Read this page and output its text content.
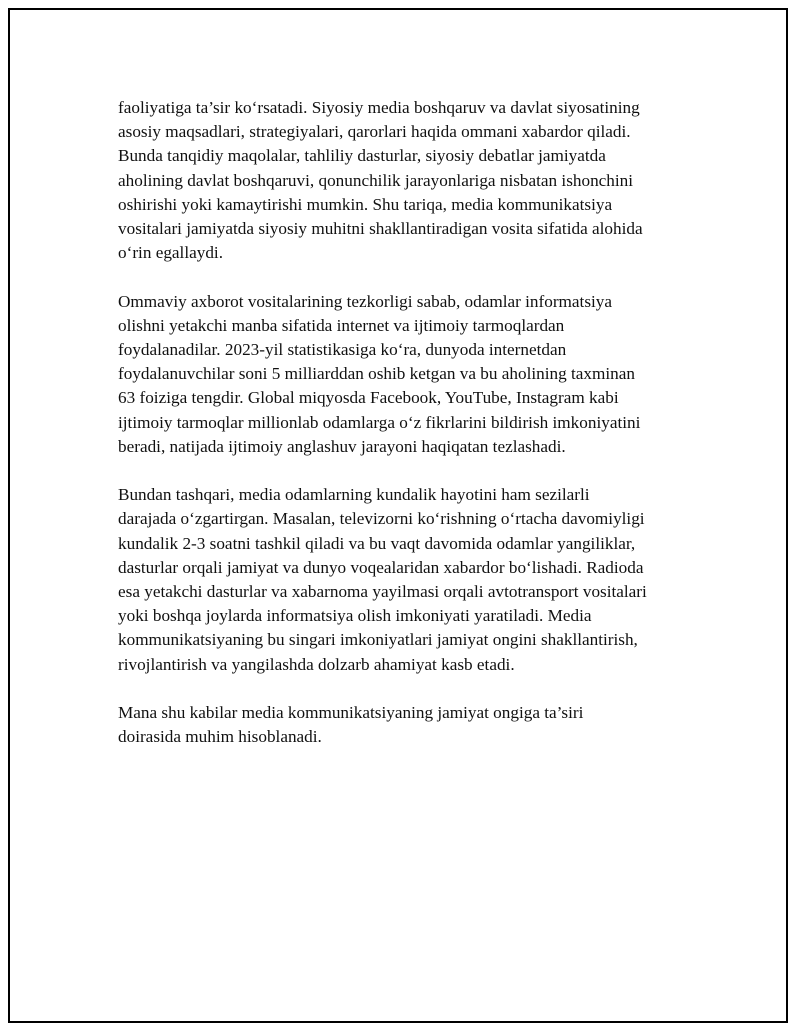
faoliyatiga ta’sir ko‘rsatadi. Siyosiy media boshqaruv va davlat siyosatining
asosiy maqsadlari, strategiyalari, qarorlari haqida ommani xabardor qiladi.
Bunda tanqidiy maqolalar, tahliliy dasturlar, siyosiy debatlar jamiyatda
aholining davlat boshqaruvi, qonunchilik jarayonlariga nisbatan ishonchini
oshirishi yoki kamaytirishi mumkin. Shu tariqa, media kommunikatsiya
vositalari jamiyatda siyosiy muhitni shakllantiradigan vosita sifatida alohida
o‘rin egallaydi.

Ommaviy axborot vositalarining tezkorligi sabab, odamlar informatsiya
olishni yetakchi manba sifatida internet va ijtimoiy tarmoqlardan
foydalanadilar. 2023-yil statistikasiga ko‘ra, dunyoda internetdan
foydalanuvchilar soni 5 milliarddan oshib ketgan va bu aholining taxminan
63 foiziga tengdir. Global miqyosda Facebook, YouTube, Instagram kabi
ijtimoiy tarmoqlar millionlab odamlarga o‘z fikrlarini bildirish imkoniyatini
beradi, natijada ijtimoiy anglashuv jarayoni haqiqatan tezlashadi.

Bundan tashqari, media odamlarning kundalik hayotini ham sezilarli
darajada o‘zgartirgan. Masalan, televizorni ko‘rishning o‘rtacha davomiyligi
kundalik 2-3 soatni tashkil qiladi va bu vaqt davomida odamlar yangiliklar,
dasturlar orqali jamiyat va dunyo voqealaridan xabardor bo‘lishadi. Radioda
esa yetakchi dasturlar va xabarnoma yayilmasi orqali avtotransport vositalari
yoki boshqa joylarda informatsiya olish imkoniyati yaratiladi. Media
kommunikatsiyaning bu singari imkoniyatlari jamiyat ongini shakllantirish,
rivojlantirish va yangilashda dolzarb ahamiyat kasb etadi.

Mana shu kabilar media kommunikatsiyaning jamiyat ongiga ta’siri
doirasida muhim hisoblanadi.
